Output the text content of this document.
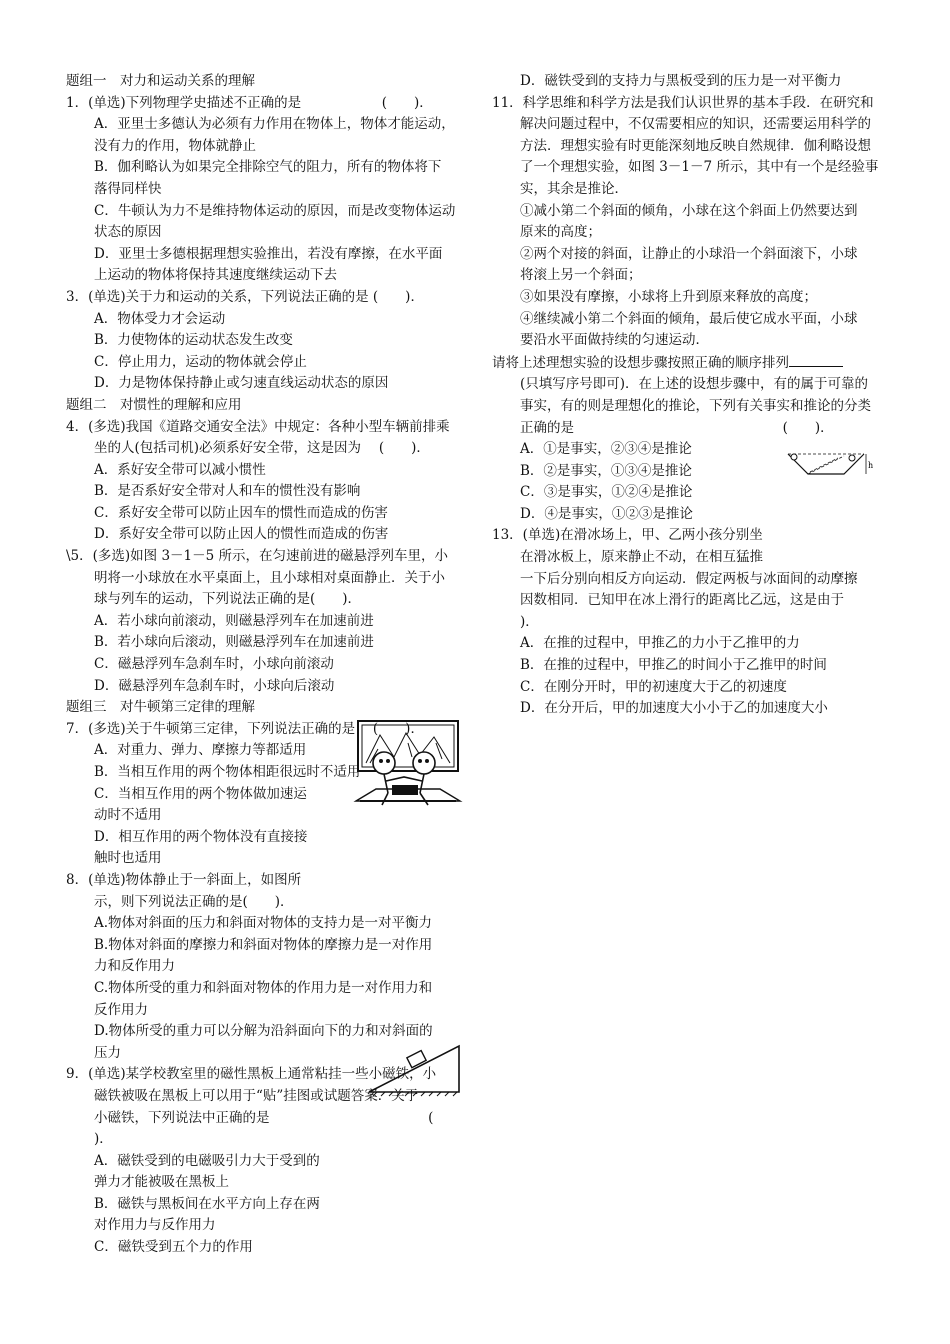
题组一　对力和运动关系的理解
1．(单选)下列物理学史描述不正确的是	(　　)．
A．亚里士多德认为必须有力作用在物体上，物体才能运动，
没有力的作用，物体就静止
B．伽利略认为如果完全排除空气的阻力，所有的物体将下
落得同样快
C．牛顿认为力不是维持物体运动的原因，而是改变物体运动
状态的原因
D．亚里士多德根据理想实验推出，若没有摩擦，在水平面
上运动的物体将保持其速度继续运动下去
3．(单选)关于力和运动的关系，下列说法正确的是 (　　)．
A．物体受力才会运动
B．力使物体的运动状态发生改变
C．停止用力，运动的物体就会停止
D．力是物体保持静止或匀速直线运动状态的原因
题组二　对惯性的理解和应用
4．(多选)我国《道路交通安全法》中规定：各种小型车辆前排乘
坐的人(包括司机)必须系好安全带，这是因为　 (　　)．
A．系好安全带可以减小惯性
B．是否系好安全带对人和车的惯性没有影响
C．系好安全带可以防止因车的惯性而造成的伤害
D．系好安全带可以防止因人的惯性而造成的伤害
\5．(多选)如图 3－1－5 所示，在匀速前进的磁悬浮列车里，小
明将一小球放在水平桌面上，且小球相对桌面静止．关于小
球与列车的运动，下列说法正确的是(　　)．
A．若小球向前滚动，则磁悬浮列车在加速前进
B．若小球向后滚动，则磁悬浮列车在加速前进
C．磁悬浮列车急刹车时，小球向前滚动
D．磁悬浮列车急刹车时，小球向后滚动
题组三　对牛顿第三定律的理解
7．(多选)关于牛顿第三定律，下列说法正确的是　 (　　)．
A．对重力、弹力、摩擦力等都适用
B．当相互作用的两个物体相距很远时不适用
C．当相互作用的两个物体做加速运
动时不适用
D．相互作用的两个物体没有直接接
触时也适用
8．(单选)物体静止于一斜面上，如图所
示，则下列说法正确的是(　　)．
A.物体对斜面的压力和斜面对物体的支持力是一对平衡力
B.物体对斜面的摩擦力和斜面对物体的摩擦力是一对作用
力和反作用力
C.物体所受的重力和斜面对物体的作用力是一对作用力和
反作用力
D.物体所受的重力可以分解为沿斜面向下的力和对斜面的
压力
9．(单选)某学校教室里的磁性黑板上通常粘挂一些小磁铁，小
磁铁被吸在黑板上可以用于“贴”挂图或试题答案．关于
小磁铁，下列说法中正确的是	(
)．
A．磁铁受到的电磁吸引力大于受到的
弹力才能被吸在黑板上
B．磁铁与黑板间在水平方向上存在两
对作用力与反作用力
C．磁铁受到五个力的作用
D．磁铁受到的支持力与黑板受到的压力是一对平衡力
11．科学思维和科学方法是我们认识世界的基本手段．在研究和
解决问题过程中，不仅需要相应的知识，还需要运用科学的
方法．理想实验有时更能深刻地反映自然规律．伽利略设想
了一个理想实验，如图 3－1－7 所示，其中有一个是经验事
实，其余是推论．
①减小第二个斜面的倾角，小球在这个斜面上仍然要达到
原来的高度；
②两个对接的斜面，让静止的小球沿一个斜面滚下，小球
将滚上另一个斜面；
③如果没有摩擦，小球将上升到原来释放的高度；
④继续减小第二个斜面的倾角，最后使它成水平面，小球
要沿水平面做持续的匀速运动．
请将上述理想实验的设想步骤按照正确的顺序排列
(只填写序号即可)．在上述的设想步骤中，有的属于可靠的
事实，有的则是理想化的推论，下列有关事实和推论的分类
正确的是	(　　)．
A．①是事实，②③④是推论
B．②是事实，①③④是推论
C．③是事实，①②④是推论
D．④是事实，①②③是推论
13．(单选)在滑冰场上，甲、乙两小孩分别坐
在滑冰板上，原来静止不动，在相互猛推
一下后分别向相反方向运动．假定两板与冰面间的动摩擦
因数相同．已知甲在冰上滑行的距离比乙远，这是由于
)．
A．在推的过程中，甲推乙的力小于乙推甲的力
B．在推的过程中，甲推乙的时间小于乙推甲的时间
C．在刚分开时，甲的初速度大于乙的初速度
D．在分开后，甲的加速度大小小于乙的加速度大小
h
